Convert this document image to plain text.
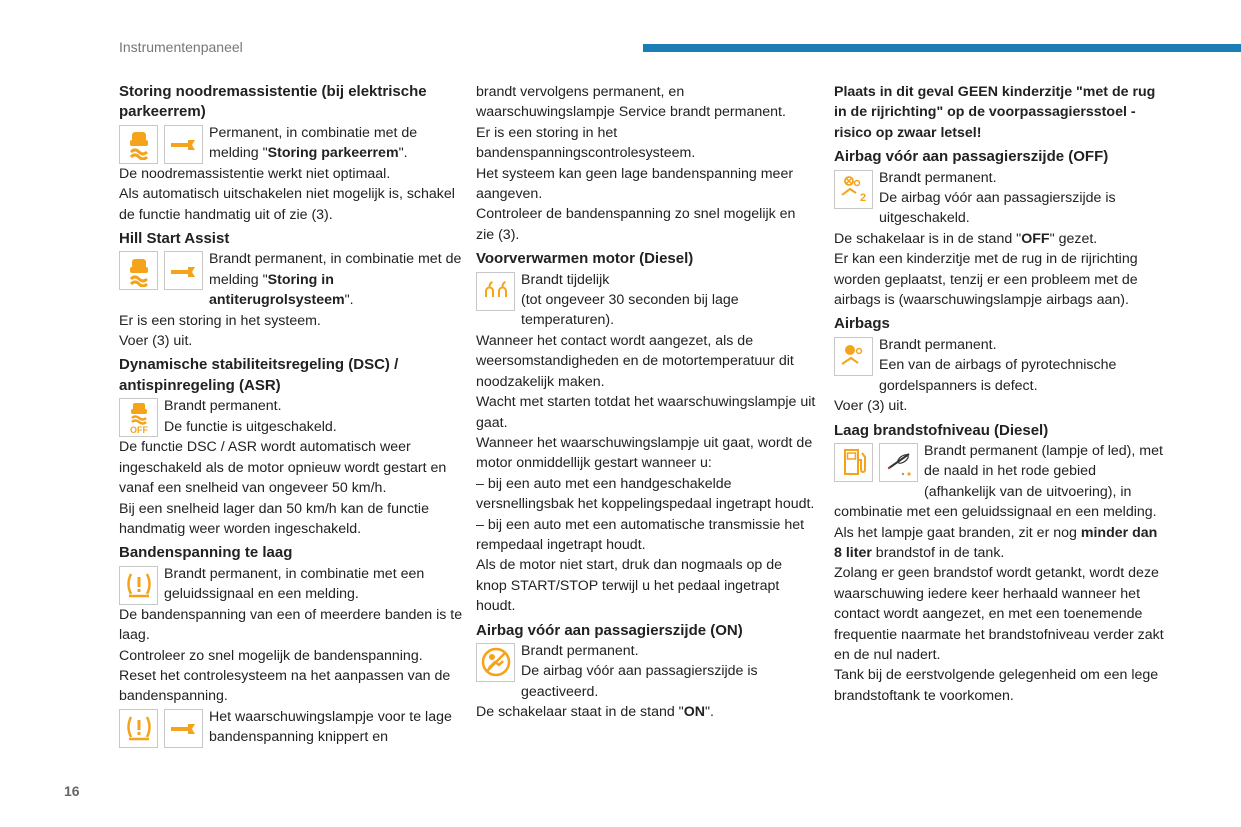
Instrumentenpaneel
16
Storing noodremassistentie (bij elektrische parkeerrem)
Permanent, in combinatie met de melding "Storing parkeerrem".

De noodremassistentie werkt niet optimaal.

Als automatisch uitschakelen niet mogelijk is, schakel de functie handmatig uit of zie (3).

Hill Start Assist
Brandt permanent, in combinatie met de melding "Storing in antiterugrolsysteem".

Er is een storing in het systeem.

Voer (3) uit.

Dynamische stabiliteitsregeling (DSC) / antispinregeling (ASR)
OFF
Brandt permanent.
De functie is uitgeschakeld.

De functie DSC / ASR wordt automatisch weer ingeschakeld als de motor opnieuw wordt gestart en vanaf een snelheid van ongeveer 50 km/h.

Bij een snelheid lager dan 50 km/h kan de functie handmatig weer worden ingeschakeld.

Bandenspanning te laag
Brandt permanent, in combinatie met een geluidssignaal en een melding.

De bandenspanning van een of meerdere banden is te laag.

Controleer zo snel mogelijk de bandenspanning.

Reset het controlesysteem na het aanpassen van de bandenspanning.

Het waarschuwingslampje voor te lage bandenspanning knippert en

brandt vervolgens permanent, en waarschuwingslampje Service brandt permanent.

Er is een storing in het bandenspanningscontrolesysteem.

Het systeem kan geen lage bandenspanning meer aangeven.

Controleer de bandenspanning zo snel mogelijk en zie (3).

Voorverwarmen motor (Diesel)
Brandt tijdelijk
(tot ongeveer 30 seconden bij lage temperaturen).

Wanneer het contact wordt aangezet, als de weersomstandigheden en de motortemperatuur dit noodzakelijk maken.

Wacht met starten totdat het waarschuwingslampje uit gaat.

Wanneer het waarschuwingslampje uit gaat, wordt de motor onmiddellijk gestart wanneer u:

– bij een auto met een handgeschakelde versnellingsbak het koppelingspedaal ingetrapt houdt.

– bij een auto met een automatische transmissie het rempedaal ingetrapt houdt.

Als de motor niet start, druk dan nogmaals op de knop START/STOP terwijl u het pedaal ingetrapt houdt.

Airbag vóór aan passagierszijde (ON)
Brandt permanent.
De airbag vóór aan passagierszijde is geactiveerd.

De schakelaar staat in de stand "ON".

Plaats in dit geval GEEN kinderzitje "met de rug in de rijrichting" op de voorpassagiersstoel - risico op zwaar letsel!

Airbag vóór aan passagierszijde (OFF)
2
Brandt permanent.
De airbag vóór aan passagierszijde is uitgeschakeld.

De schakelaar is in de stand "OFF" gezet.

Er kan een kinderzitje met de rug in de rijrichting worden geplaatst, tenzij er een probleem met de airbags is (waarschuwingslampje airbags aan).

Airbags
Brandt permanent.
Een van de airbags of pyrotechnische gordelspanners is defect.

Voer (3) uit.

Laag brandstofniveau (Diesel)
Brandt permanent (lampje of led), met de naald in het rode gebied (afhankelijk van de uitvoering), in combinatie met een geluidssignaal en een melding.

Als het lampje gaat branden, zit er nog minder dan 8 liter brandstof in de tank.

Zolang er geen brandstof wordt getankt, wordt deze waarschuwing iedere keer herhaald wanneer het contact wordt aangezet, en met een toenemende frequentie naarmate het brandstofniveau verder zakt en de nul nadert.

Tank bij de eerstvolgende gelegenheid om een lege brandstoftank te voorkomen.
